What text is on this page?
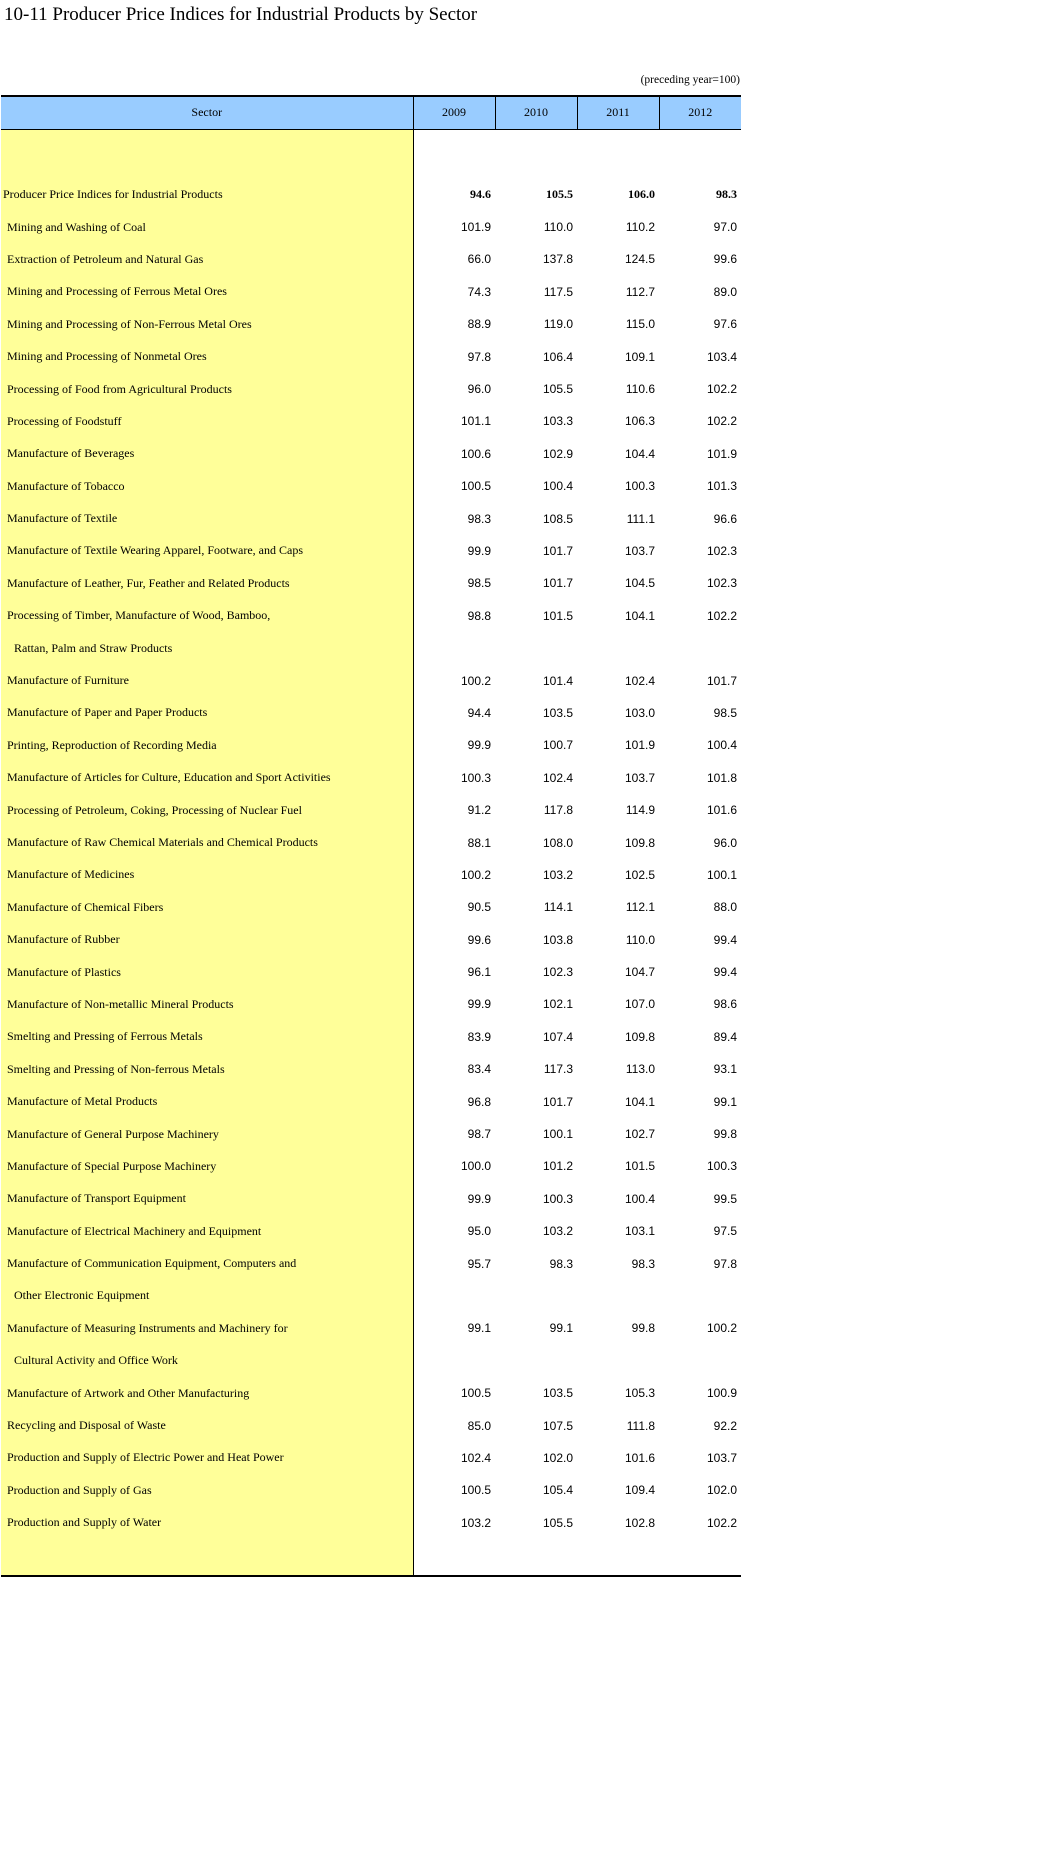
10-11 Producer Price Indices for Industrial Products by Sector
(preceding year=100)
Sector	2009	2010	2011	2012

Producer Price Indices for Industrial Products	94.6	105.5	106.0	98.3
Mining and Washing of Coal	101.9	110.0	110.2	97.0
Extraction of Petroleum and Natural Gas	66.0	137.8	124.5	99.6
Mining and Processing of Ferrous Metal Ores	74.3	117.5	112.7	89.0
Mining and Processing of Non-Ferrous Metal Ores	88.9	119.0	115.0	97.6
Mining and Processing of Nonmetal Ores	97.8	106.4	109.1	103.4
Processing of Food from Agricultural Products	96.0	105.5	110.6	102.2
Processing of Foodstuff	101.1	103.3	106.3	102.2
Manufacture of Beverages	100.6	102.9	104.4	101.9
Manufacture of Tobacco	100.5	100.4	100.3	101.3
Manufacture of Textile	98.3	108.5	111.1	96.6
Manufacture of Textile Wearing Apparel, Footware, and Caps	99.9	101.7	103.7	102.3
Manufacture of Leather, Fur, Feather and Related Products	98.5	101.7	104.5	102.3
Processing of Timber, Manufacture of Wood, Bamboo,	98.8	101.5	104.1	102.2
Rattan, Palm and Straw Products				
Manufacture of Furniture	100.2	101.4	102.4	101.7
Manufacture of Paper and Paper Products	94.4	103.5	103.0	98.5
Printing, Reproduction of Recording Media	99.9	100.7	101.9	100.4
Manufacture of Articles for Culture, Education and Sport Activities	100.3	102.4	103.7	101.8
Processing of Petroleum, Coking, Processing of Nuclear Fuel	91.2	117.8	114.9	101.6
Manufacture of Raw Chemical Materials and Chemical Products	88.1	108.0	109.8	96.0
Manufacture of Medicines	100.2	103.2	102.5	100.1
Manufacture of Chemical Fibers	90.5	114.1	112.1	88.0
Manufacture of Rubber	99.6	103.8	110.0	99.4
Manufacture of Plastics	96.1	102.3	104.7	99.4
Manufacture of Non-metallic Mineral Products	99.9	102.1	107.0	98.6
Smelting and Pressing of Ferrous Metals	83.9	107.4	109.8	89.4
Smelting and Pressing of Non-ferrous Metals	83.4	117.3	113.0	93.1
Manufacture of Metal Products	96.8	101.7	104.1	99.1
Manufacture of General Purpose Machinery	98.7	100.1	102.7	99.8
Manufacture of Special Purpose Machinery	100.0	101.2	101.5	100.3
Manufacture of Transport Equipment	99.9	100.3	100.4	99.5
Manufacture of Electrical Machinery and Equipment	95.0	103.2	103.1	97.5
Manufacture of Communication Equipment, Computers and	95.7	98.3	98.3	97.8
Other Electronic Equipment				
Manufacture of Measuring Instruments and Machinery for	99.1	99.1	99.8	100.2
Cultural Activity and Office Work				
Manufacture of Artwork and Other Manufacturing	100.5	103.5	105.3	100.9
Recycling and Disposal of Waste	85.0	107.5	111.8	92.2
Production and Supply of Electric Power and Heat Power	102.4	102.0	101.6	103.7
Production and Supply of Gas	100.5	105.4	109.4	102.0
Production and Supply of Water	103.2	105.5	102.8	102.2
